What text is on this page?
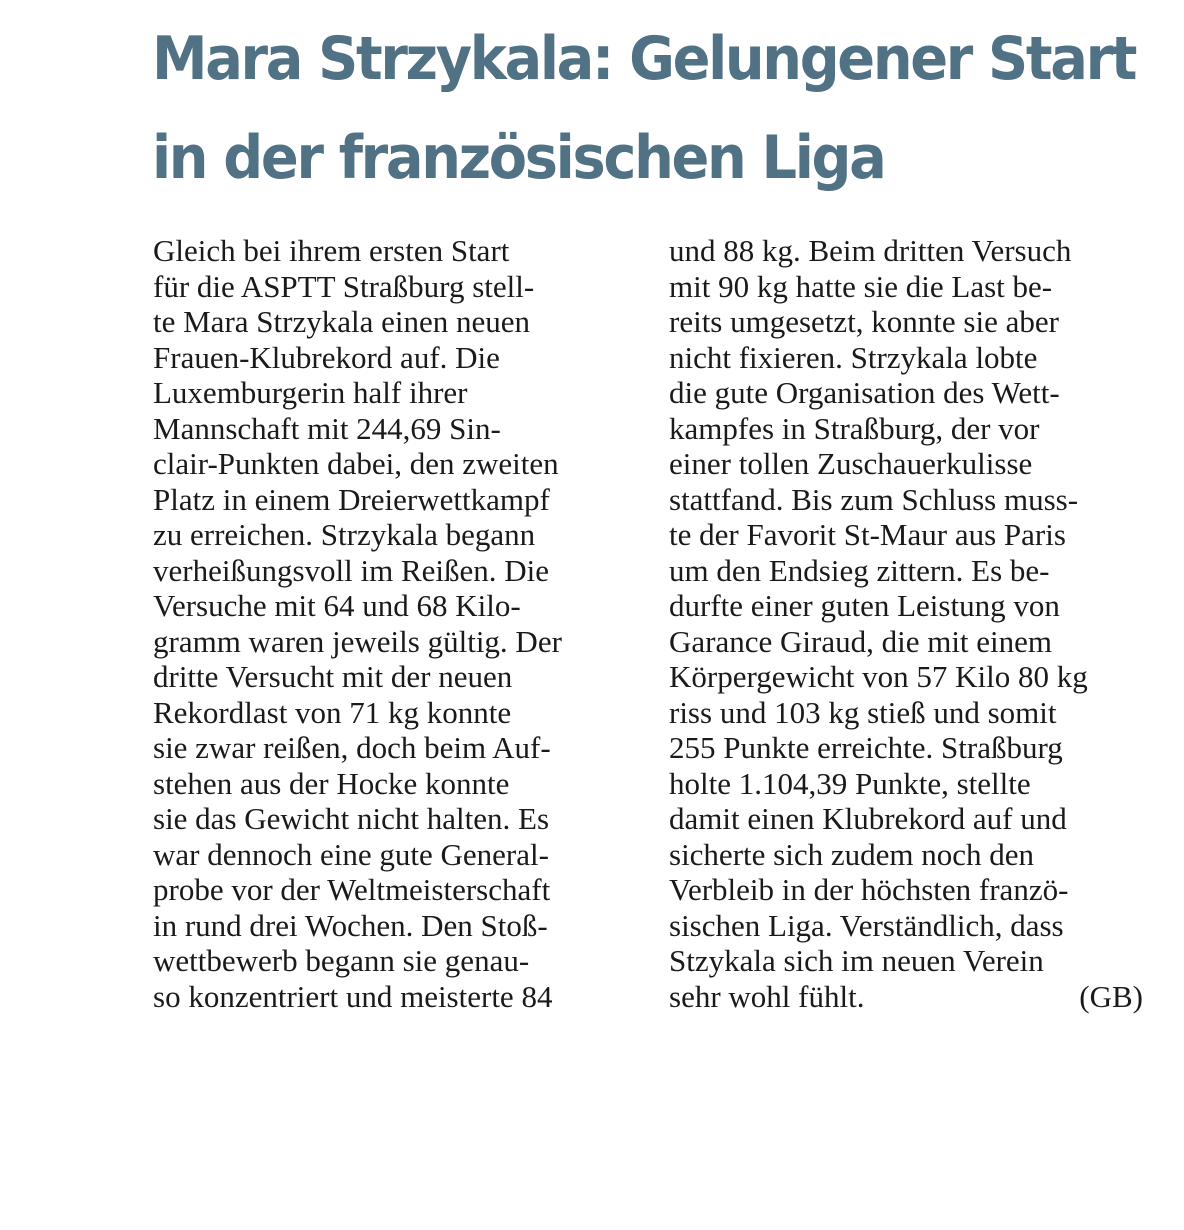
Mara Strzykala: Gelungener Start
in der französischen Liga
Gleich bei ihrem ersten Start
für die ASPTT Straßburg stell-
te Mara Strzykala einen neuen
Frauen-Klubrekord auf. Die
Luxemburgerin half ihrer
Mannschaft mit 244,69 Sin-
clair-Punkten dabei, den zweiten
Platz in einem Dreierwettkampf
zu erreichen. Strzykala begann
verheißungsvoll im Reißen. Die
Versuche mit 64 und 68 Kilo-
gramm waren jeweils gültig. Der
dritte Versucht mit der neuen
Rekordlast von 71 kg konnte
sie zwar reißen, doch beim Auf-
stehen aus der Hocke konnte
sie das Gewicht nicht halten. Es
war dennoch eine gute General-
probe vor der Weltmeisterschaft
in rund drei Wochen. Den Stoß-
wettbewerb begann sie genau-
so konzentriert und meisterte 84
und 88 kg. Beim dritten Versuch
mit 90 kg hatte sie die Last be-
reits umgesetzt, konnte sie aber
nicht fixieren. Strzykala lobte
die gute Organisation des Wett-
kampfes in Straßburg, der vor
einer tollen Zuschauerkulisse
stattfand. Bis zum Schluss muss-
te der Favorit St-Maur aus Paris
um den Endsieg zittern. Es be-
durfte einer guten Leistung von
Garance Giraud, die mit einem
Körpergewicht von 57 Kilo 80 kg
riss und 103 kg stieß und somit
255 Punkte erreichte. Straßburg
holte 1.104,39 Punkte, stellte
damit einen Klubrekord auf und
sicherte sich zudem noch den
Verbleib in der höchsten franzö-
sischen Liga. Verständlich, dass
Stzykala sich im neuen Verein
sehr wohl fühlt.	(GB)
